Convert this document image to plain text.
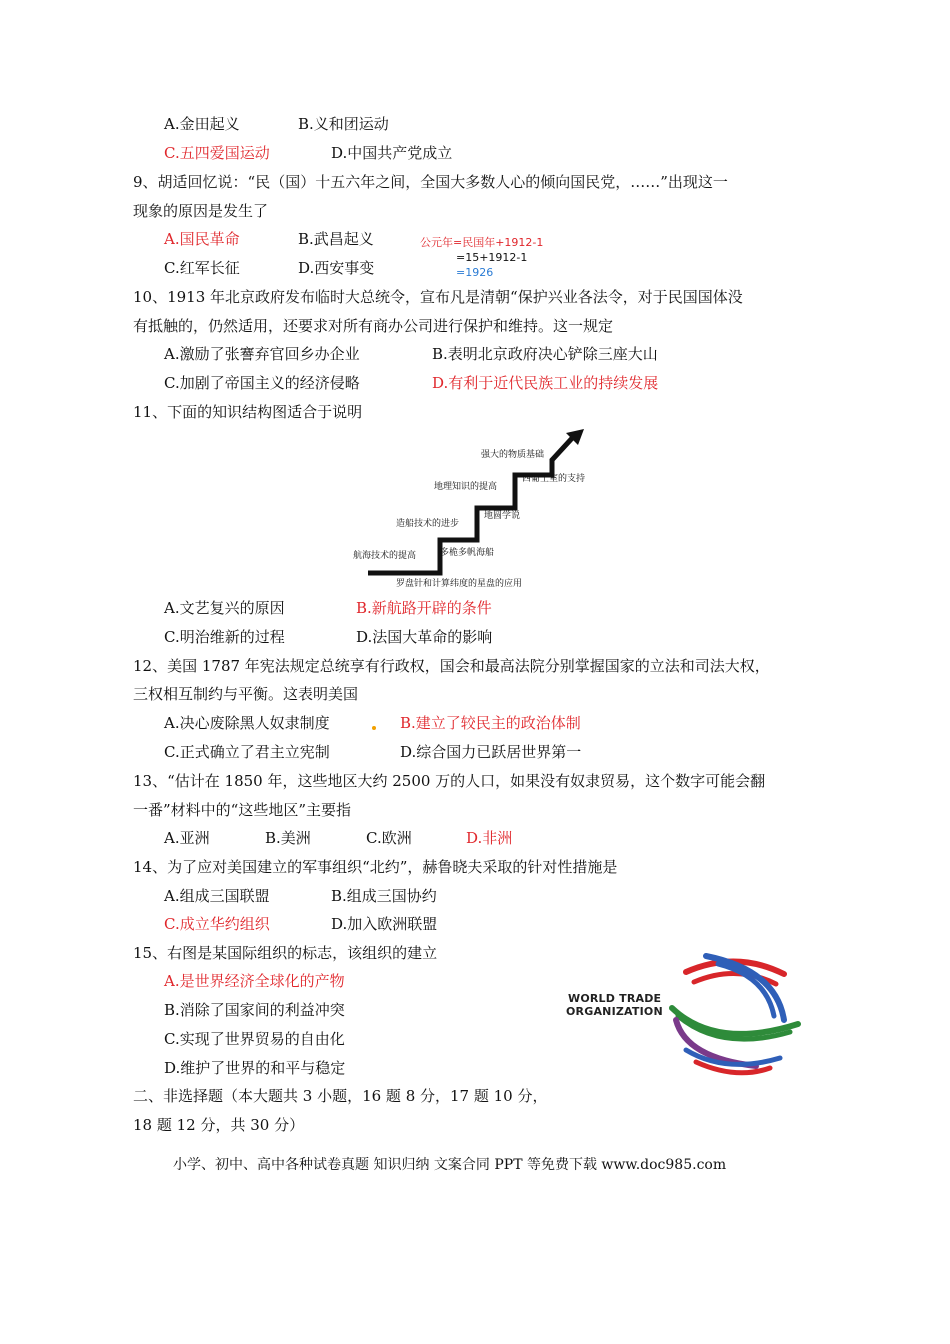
A.金田起义	B.义和团运动
C.五四爱国运动	D.中国共产党成立
9、胡适回忆说：“民（国）十五六年之间，全国大多数人心的倾向国民党，……”出现这一
现象的原因是发生了
A.国民革命	B.武昌起义
C.红军长征	D.西安事变
公元年=民国年+1912-1
=15+1912-1
=1926
10、1913 年北京政府发布临时大总统令，宣布凡是清朝“保护兴业各法令，对于民国国体没
有抵触的，仍然适用，还要求对所有商办公司进行保护和维持。这一规定
A.激励了张謇弃官回乡办企业	B.表明北京政府决心铲除三座大山
C.加剧了帝国主义的经济侵略	D.有利于近代民族工业的持续发展
11、下面的知识结构图适合于说明
罗盘针和计算纬度的星盘的应用
航海技术的提高	多桅多帆海船
造船技术的进步
地圆学说
地理知识的提高
西葡王室的支持
强大的物质基础
A.文艺复兴的原因	B.新航路开辟的条件
C.明治维新的过程	D.法国大革命的影响
12、美国 1787 年宪法规定总统享有行政权，国会和最高法院分别掌握国家的立法和司法大权，
三权相互制约与平衡。这表明美国
A.决心废除黑人奴隶制度	B.建立了较民主的政治体制
C.正式确立了君主立宪制	D.综合国力已跃居世界第一
13、“估计在 1850 年，这些地区大约 2500 万的人口，如果没有奴隶贸易，这个数字可能会翻
一番”材料中的“这些地区”主要指
A.亚洲	B.美洲	C.欧洲	D.非洲
14、为了应对美国建立的军事组织“北约”，赫鲁晓夫采取的针对性措施是
A.组成三国联盟	B.组成三国协约
C.成立华约组织	D.加入欧洲联盟
15、右图是某国际组织的标志，该组织的建立
A.是世界经济全球化的产物
B.消除了国家间的利益冲突
C.实现了世界贸易的自由化
D.维护了世界的和平与稳定
WORLD TRADE
ORGANIZATION
二、非选择题（本大题共 3 小题，16 题 8 分，17 题 10 分，
18 题 12 分，共 30 分）
小学、初中、高中各种试卷真题 知识归纳 文案合同 PPT 等免费下载 www.doc985.com
